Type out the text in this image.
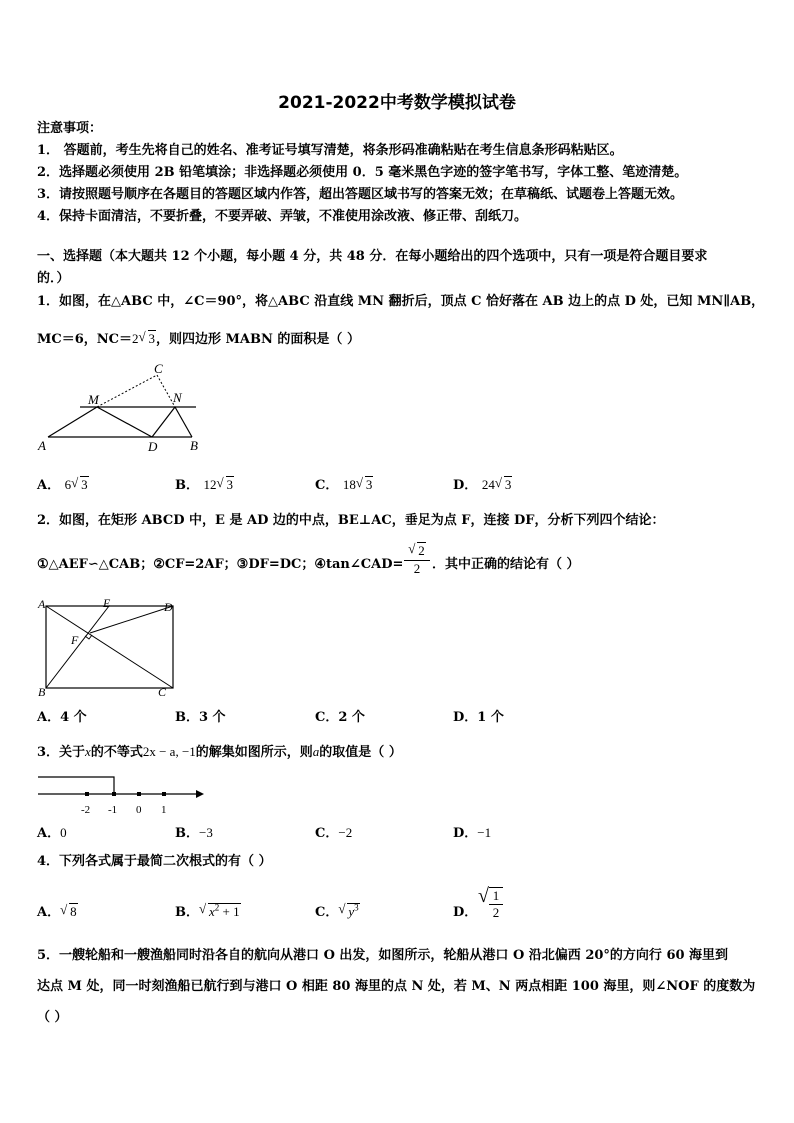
2021-2022中考数学模拟试卷
注意事项：
1． 答题前，考生先将自己的姓名、准考证号填写清楚，将条形码准确粘贴在考生信息条形码粘贴区。
2．选择题必须使用 2B 铅笔填涂；非选择题必须使用 0．5 毫米黑色字迹的签字笔书写，字体工整、笔迹清楚。
3．请按照题号顺序在各题目的答题区域内作答，超出答题区域书写的答案无效；在草稿纸、试题卷上答题无效。
4．保持卡面清洁，不要折叠，不要弄破、弄皱，不准使用涂改液、修正带、刮纸刀。
一、选择题（本大题共 12 个小题，每小题 4 分，共 48 分．在每小题给出的四个选项中，只有一项是符合题目要求
的．）
1．如图，在△ABC 中，∠C＝90°，将△ABC 沿直线 MN 翻折后，顶点 C 恰好落在 AB 边上的点 D 处，已知 MN∥AB，
MC＝6，NC＝2 √ 3，则四边形 MABN 的面积是（ ）
A	B
C
D
M	N
A． 6 √ 3	B． 12 √ 3	C． 18 √ 3	D． 24 √ 3
2．如图，在矩形 ABCD 中，E 是 AD 边的中点，BE⊥AC，垂足为点 F，连接 DF，分析下列四个结论：
①△AEF∽△CAB；②CF=2AF；③DF=DC；④tan∠CAD=
√ 2
2 ．其中正确的结论有（ ）
A
B	C
D
E
F
A．4 个	B．3 个	C．2 个	D．1 个
3．关于x的不等式2x − a, −1的解集如图所示，则a的取值是（ ）
-2 -1 0 1
A．0	B．−3	C．−2	D．−1
4．下列各式属于最简二次根式的有（ ）
A． √ 8	B． √ $x^2 + 1$	C． √ $y^3$	D．
√ $\frac{1}{2}$
5．一艘轮船和一艘渔船同时沿各自的航向从港口 O 出发，如图所示，轮船从港口 O 沿北偏西 20°的方向行 60 海里到
达点 M 处，同一时刻渔船已航行到与港口 O 相距 80 海里的点 N 处，若 M、N 两点相距 100 海里，则∠NOF 的度数为
（ ）
